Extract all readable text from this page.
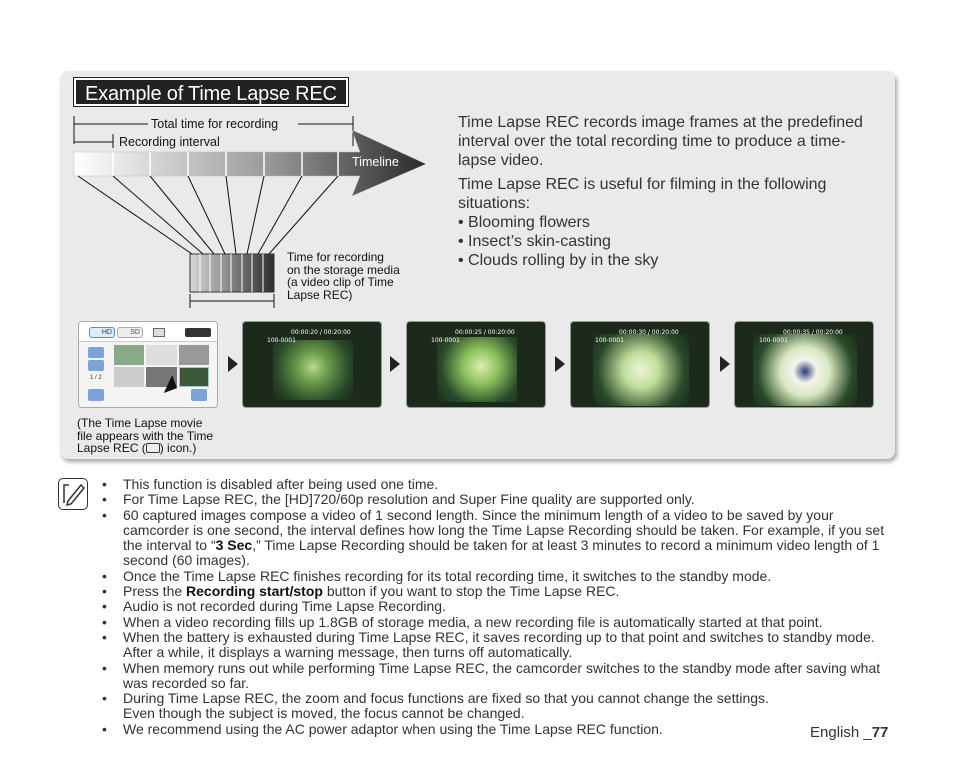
Example of Time Lapse REC
Total time for recording
Recording interval
Timeline
Time for recording
on the storage media
(a video clip of Time
Lapse REC)

Time Lapse REC records image frames at the predefined interval over the total recording time to produce a time-lapse video.

Time Lapse REC is useful for filming in the following situations:

• Blooming flowers
• Insect’s skin-casting
• Clouds rolling by in the sky
HD	SD
1 / 2
00:00:20 / 00:20:00
100-0001
00:00:25 / 00:20:00
100-0001
00:00:30 / 00:20:00
100-0001
00:00:35 / 00:20:00
100-0001
(The Time Lapse movie
file appears with the Time
Lapse REC ( ) icon.)
• This function is disabled after being used one time.
• For Time Lapse REC, the [HD]720/60p resolution and Super Fine quality are supported only.
• 60 captured images compose a video of 1 second length. Since the minimum length of a video to be saved by your camcorder is one second, the interval defines how long the Time Lapse Recording should be taken. For example, if you set the interval to “3 Sec,” Time Lapse Recording should be taken for at least 3 minutes to record a minimum video length of 1 second (60 images).
• Once the Time Lapse REC finishes recording for its total recording time, it switches to the standby mode.
• Press the Recording start/stop button if you want to stop the Time Lapse REC.
• Audio is not recorded during Time Lapse Recording.
• When a video recording fills up 1.8GB of storage media, a new recording file is automatically started at that point.
• When the battery is exhausted during Time Lapse REC, it saves recording up to that point and switches to standby mode. After a while, it displays a warning message, then turns off automatically.
• When memory runs out while performing Time Lapse REC, the camcorder switches to the standby mode after saving what was recorded so far.
• During Time Lapse REC, the zoom and focus functions are fixed so that you cannot change the settings.
Even though the subject is moved, the focus cannot be changed.
• We recommend using the AC power adaptor when using the Time Lapse REC function.	English _77
